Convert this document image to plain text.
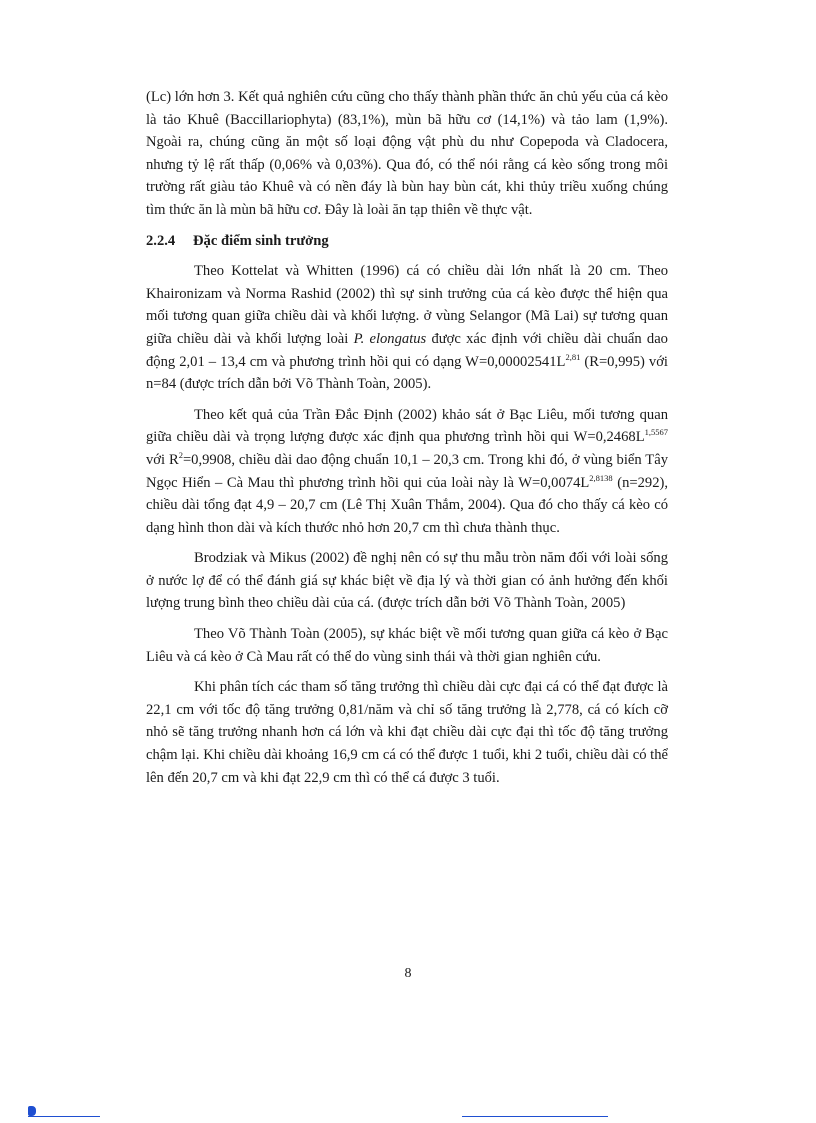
(Lc) lớn hơn 3. Kết quả nghiên cứu cũng cho thấy thành phần thức ăn chủ yếu của cá kèo là tảo Khuê (Baccillariophyta) (83,1%), mùn bã hữu cơ (14,1%) và tảo lam (1,9%). Ngoài ra, chúng cũng ăn một số loại động vật phù du như Copepoda và Cladocera, nhưng tỷ lệ rất thấp (0,06% và 0,03%). Qua đó, có thể nói rằng cá kèo sống trong môi trường rất giàu tảo Khuê và có nền đáy là bùn hay bùn cát, khi thủy triều xuống chúng tìm thức ăn là mùn bã hữu cơ. Đây là loài ăn tạp thiên về thực vật.

2.2.4 Đặc điểm sinh trưởng

Theo Kottelat và Whitten (1996) cá có chiều dài lớn nhất là 20 cm. Theo Khaironizam và Norma Rashid (2002) thì sự sinh trưởng của cá kèo được thể hiện qua mối tương quan giữa chiều dài và khối lượng. ở vùng Selangor (Mã Lai) sự tương quan giữa chiều dài và khối lượng loài P. elongatus được xác định với chiều dài chuẩn dao động 2,01 – 13,4 cm và phương trình hồi qui có dạng $W=0,00002541L^{2,81}$ (R=0,995) với n=84 (được trích dẫn bởi Võ Thành Toàn, 2005).

Theo kết quả của Trần Đắc Định (2002) khảo sát ở Bạc Liêu, mối tương quan giữa chiều dài và trọng lượng được xác định qua phương trình hồi qui $W=0,2468L^{1,5567}$ với $R^2=0,9908$, chiều dài dao động chuẩn 10,1 – 20,3 cm. Trong khi đó, ở vùng biển Tây Ngọc Hiển – Cà Mau thì phương trình hồi qui của loài này là $W=0,0074L^{2,8138}$ (n=292), chiều dài tổng đạt 4,9 – 20,7 cm (Lê Thị Xuân Thắm, 2004). Qua đó cho thấy cá kèo có dạng hình thon dài và kích thước nhỏ hơn 20,7 cm thì chưa thành thục.

Brodziak và Mikus (2002) đề nghị nên có sự thu mẫu tròn năm đối với loài sống ở nước lợ để có thể đánh giá sự khác biệt về địa lý và thời gian có ảnh hưởng đến khối lượng trung bình theo chiều dài của cá. (được trích dẫn bởi Võ Thành Toàn, 2005)

Theo Võ Thành Toàn (2005), sự khác biệt về mối tương quan giữa cá kèo ở Bạc Liêu và cá kèo ở Cà Mau rất có thể do vùng sinh thái và thời gian nghiên cứu.

Khi phân tích các tham số tăng trưởng thì chiều dài cực đại cá có thể đạt được là 22,1 cm với tốc độ tăng trưởng 0,81/năm và chỉ số tăng trưởng là 2,778, cá có kích cỡ nhỏ sẽ tăng trưởng nhanh hơn cá lớn và khi đạt chiều dài cực đại thì tốc độ tăng trưởng chậm lại. Khi chiều dài khoảng 16,9 cm cá có thể được 1 tuổi, khi 2 tuổi, chiều dài có thể lên đến 20,7 cm và khi đạt 22,9 cm thì có thể cá được 3 tuổi.

8
